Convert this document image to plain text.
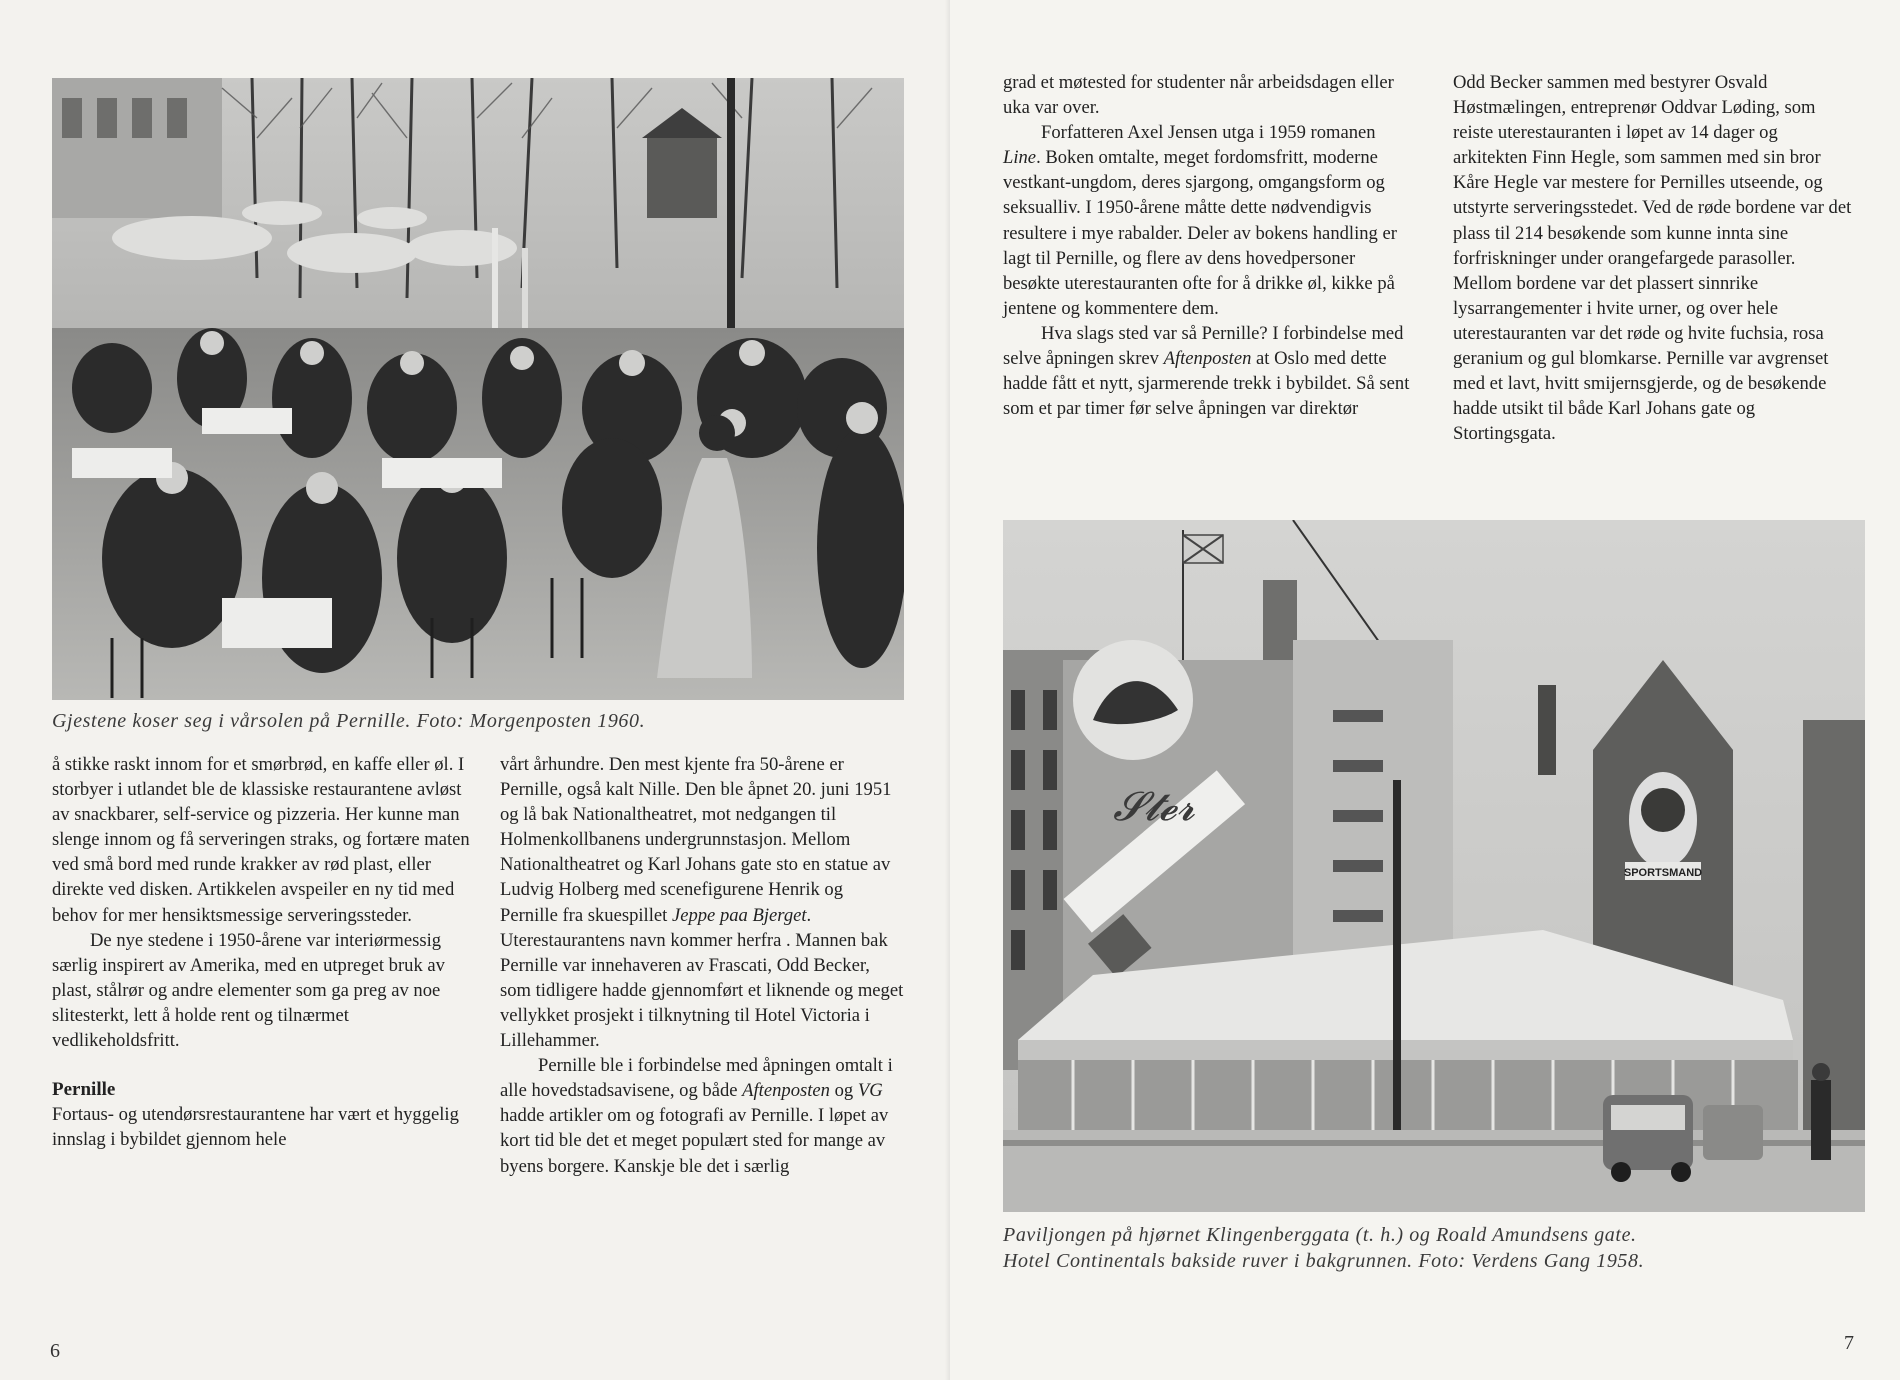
Gjestene koser seg i vårsolen på Pernille. Foto: Morgenposten 1960.

å stikke raskt innom for et smørbrød, en kaffe eller øl. I storbyer i utlandet ble de klassiske restaurantene avløst av snackbarer, self-service og pizzeria. Her kunne man slenge innom og få serveringen straks, og fortære maten ved små bord med runde krakker av rød plast, eller direkte ved disken. Artikkelen avspeiler en ny tid med behov for mer hensiktsmessige serveringssteder.

De nye stedene i 1950-årene var interiørmessig særlig inspirert av Amerika, med en utpreget bruk av plast, stålrør og andre elementer som ga preg av noe slitesterkt, lett å holde rent og tilnærmet vedlikeholdsfritt.

Pernille

Fortaus- og utendørsrestaurantene har vært et hyggelig innslag i bybildet gjennom hele

vårt århundre. Den mest kjente fra 50-årene er Pernille, også kalt Nille. Den ble åpnet 20. juni 1951 og lå bak Nationaltheatret, mot nedgangen til Holmenkollbanens undergrunnstasjon. Mellom Nationaltheatret og Karl Johans gate sto en statue av Ludvig Holberg med scenefigurene Henrik og Pernille fra skuespillet Jeppe paa Bjerget. Uterestaurantens navn kommer herfra . Mannen bak Pernille var innehaveren av Frascati, Odd Becker, som tidligere hadde gjennomført et liknende og meget vellykket prosjekt i tilknytning til Hotel Victoria i Lillehammer.

Pernille ble i forbindelse med åpningen omtalt i alle hovedstadsavisene, og både Aftenposten og VG hadde artikler om og fotografi av Pernille. I løpet av kort tid ble det et meget populært sted for mange av byens borgere. Kanskje ble det i særlig

6

grad et møtested for studenter når arbeidsdagen eller uka var over.

Forfatteren Axel Jensen utga i 1959 romanen Line. Boken omtalte, meget fordomsfritt, moderne vestkant-ungdom, deres sjargong, omgangsform og seksualliv. I 1950-årene måtte dette nødvendigvis resultere i mye rabalder. Deler av bokens handling er lagt til Pernille, og flere av dens hovedpersoner besøkte uterestauranten ofte for å drikke øl, kikke på jentene og kommentere dem.

Hva slags sted var så Pernille? I forbindelse med selve åpningen skrev Aftenposten at Oslo med dette hadde fått et nytt, sjarmerende trekk i bybildet. Så sent som et par timer før selve åpningen var direktør

Odd Becker sammen med bestyrer Osvald Høstmælingen, entreprenør Oddvar Løding, som reiste uterestauranten i løpet av 14 dager og arkitekten Finn Hegle, som sammen med sin bror Kåre Hegle var mestere for Pernilles utseende, og utstyrte serveringsstedet. Ved de røde bordene var det plass til 214 besøkende som kunne innta sine forfriskninger under orangefargede parasoller. Mellom bordene var det plassert sinnrike lysarrangementer i hvite urner, og over hele uterestauranten var det røde og hvite fuchsia, rosa geranium og gul blomkarse. Pernille var avgrenset med et lavt, hvitt smijernsgjerde, og de besøkende hadde utsikt til både Karl Johans gate og Stortingsgata.

𝓢𝓽𝓮𝓻
SPORTSMAND
Paviljongen på hjørnet Klingenberggata (t. h.) og Roald Amundsens gate.
Hotel Continentals bakside ruver i bakgrunnen. Foto: Verdens Gang 1958.
7
